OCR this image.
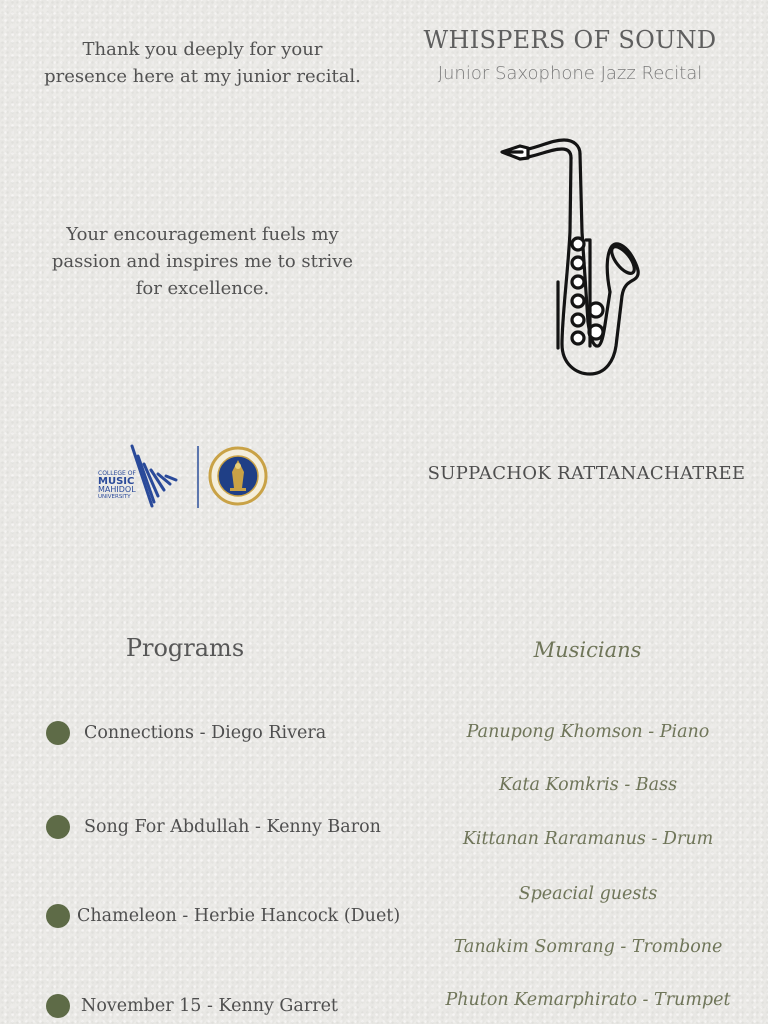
Thank you deeply for your presence here at my junior recital.
Your encouragement fuels my passion and inspires me to strive for excellence.
WHISPERS OF SOUND
Junior Saxophone Jazz Recital
COLLEGE OF
MUSIC
MAHIDOL
UNIVERSITY
SUPPACHOK RATTANACHATREE
Programs
Connections - Diego Rivera
Song For Abdullah - Kenny Baron
Chameleon - Herbie Hancock (Duet)
November 15 - Kenny Garret
Musicians
Panupong Khomson - Piano
Kata Komkris - Bass
Kittanan Raramanus - Drum
Speacial guests
Tanakim Somrang - Trombone
Phuton Kemarphirato - Trumpet
